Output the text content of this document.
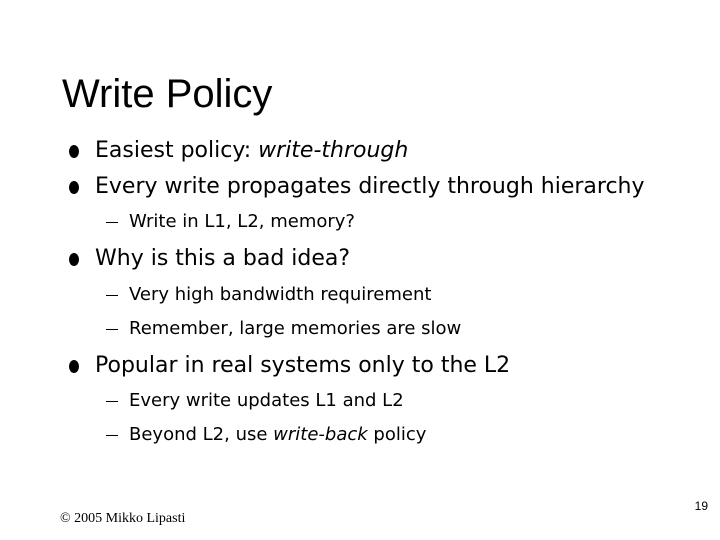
Write Policy
Easiest policy: write-through
Every write propagates directly through hierarchy
Write in L1, L2, memory?
Why is this a bad idea?
Very high bandwidth requirement
Remember, large memories are slow
Popular in real systems only to the L2
Every write updates L1 and L2
Beyond L2, use write-back policy
© 2005 Mikko Lipasti
19
